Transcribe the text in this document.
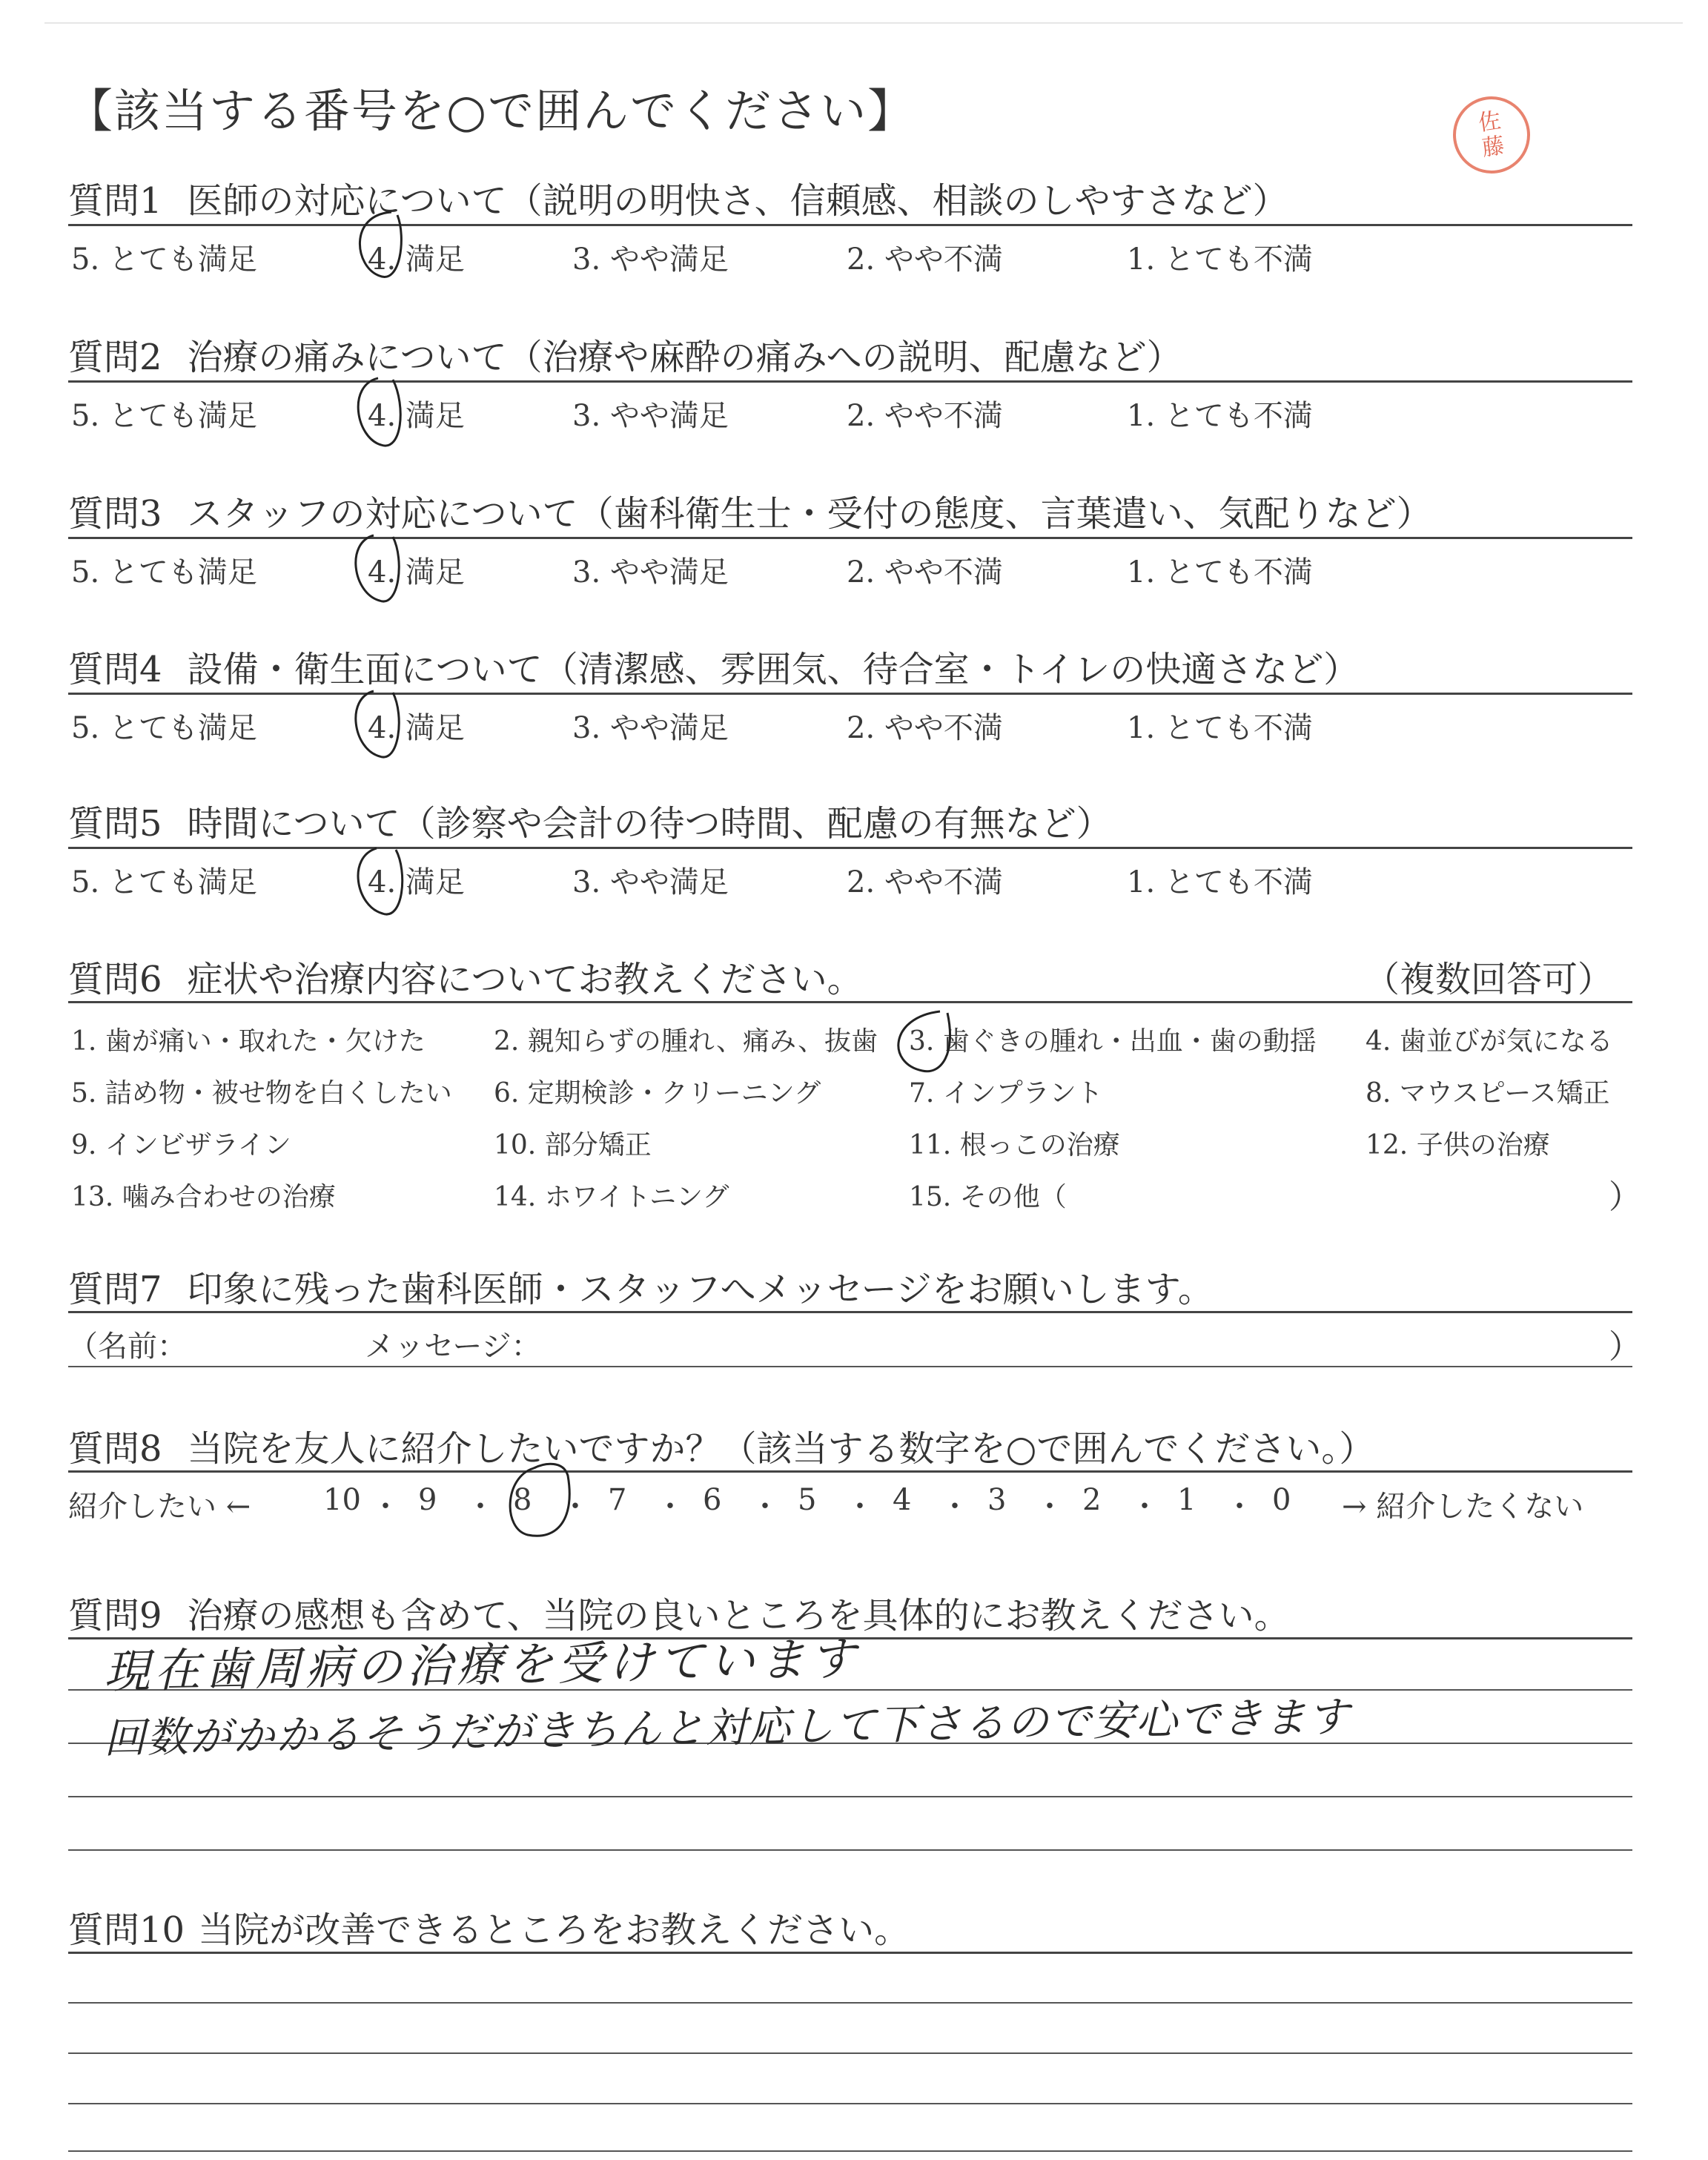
【該当する番号を○で囲んでください】	佐
藤
質問1 医師の対応について（説明の明快さ、信頼感、相談のしやすさなど）
5. とても満足	4. 満足	3. やや満足	2. やや不満	1. とても不満
質問2 治療の痛みについて（治療や麻酔の痛みへの説明、配慮など）
5. とても満足	4. 満足	3. やや満足	2. やや不満	1. とても不満
質問3 スタッフの対応について（歯科衛生士・受付の態度、言葉遣い、気配りなど）
5. とても満足	4. 満足	3. やや満足	2. やや不満	1. とても不満
質問4 設備・衛生面について（清潔感、雰囲気、待合室・トイレの快適さなど）
5. とても満足	4. 満足	3. やや満足	2. やや不満	1. とても不満
質問5 時間について（診察や会計の待つ時間、配慮の有無など）
5. とても満足	4. 満足	3. やや満足	2. やや不満	1. とても不満
質問6 症状や治療内容についてお教えください。	（複数回答可）
1. 歯が痛い・取れた・欠けた	2. 親知らずの腫れ、痛み、抜歯 3. 歯ぐきの腫れ・出血・歯の動揺 4. 歯並びが気になる
5. 詰め物・被せ物を白くしたい 6. 定期検診・クリーニング	7. インプラント	8. マウスピース矯正
9. インビザライン	10. 部分矯正	11. 根っこの治療	12. 子供の治療
13. 噛み合わせの治療	14. ホワイトニング	15. その他（	）
質問7 印象に残った歯科医師・スタッフへメッセージをお願いします。
（名前：	メッセージ：	）
質問8 当院を友人に紹介したいですか？（該当する数字を○で囲んでください。）
紹介したい ← 10 ・ 9 ・ 8 ・ 7 ・ 6 ・ 5 ・ 4 ・ 3 ・ 2 ・ 1 ・ 0 → 紹介したくない
質問9 治療の感想も含めて、当院の良いところを具体的にお教えください。
現在歯周病の治療を受けています
回数がかかるそうだがきちんと対応して下さるので安心できます
質問10 当院が改善できるところをお教えください。
